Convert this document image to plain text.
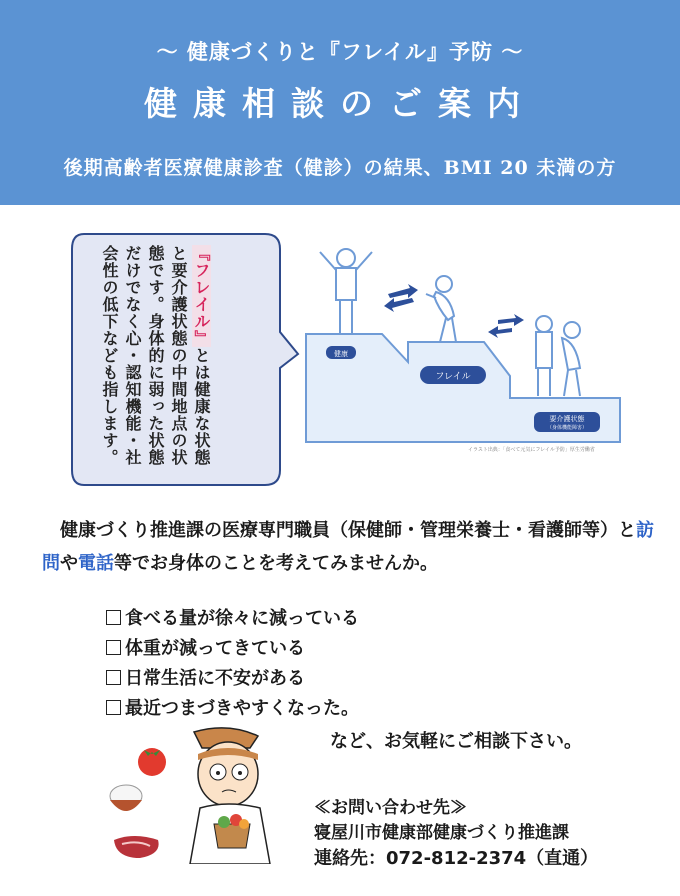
〜 健康づくりと『フレイル』予防 〜
健康相談のご案内
後期高齢者医療健康診査（健診）の結果、BMI 20 未満の方
『フレイル』とは健康な状態と要介護状態の中間地点の状態です。身体的に弱った状態だけでなく心・認知機能・社会性の低下なども指します。	健康
フレイル
要介護状態
（身体機能障害）
イラスト出典：「食べて元気にフレイル予防」厚生労働省
 健康づくり推進課の医療専門職員（保健師・管理栄養士・看護師等）と訪問や電話等でお身体のことを考えてみませんか。
食べる量が徐々に減っている
体重が減ってきている
日常生活に不安がある
最近つまづきやすくなった。
など、お気軽にご相談下さい。
≪お問い合わせ先≫
寝屋川市健康部健康づくり推進課
連絡先：072-812-2374（直通）
